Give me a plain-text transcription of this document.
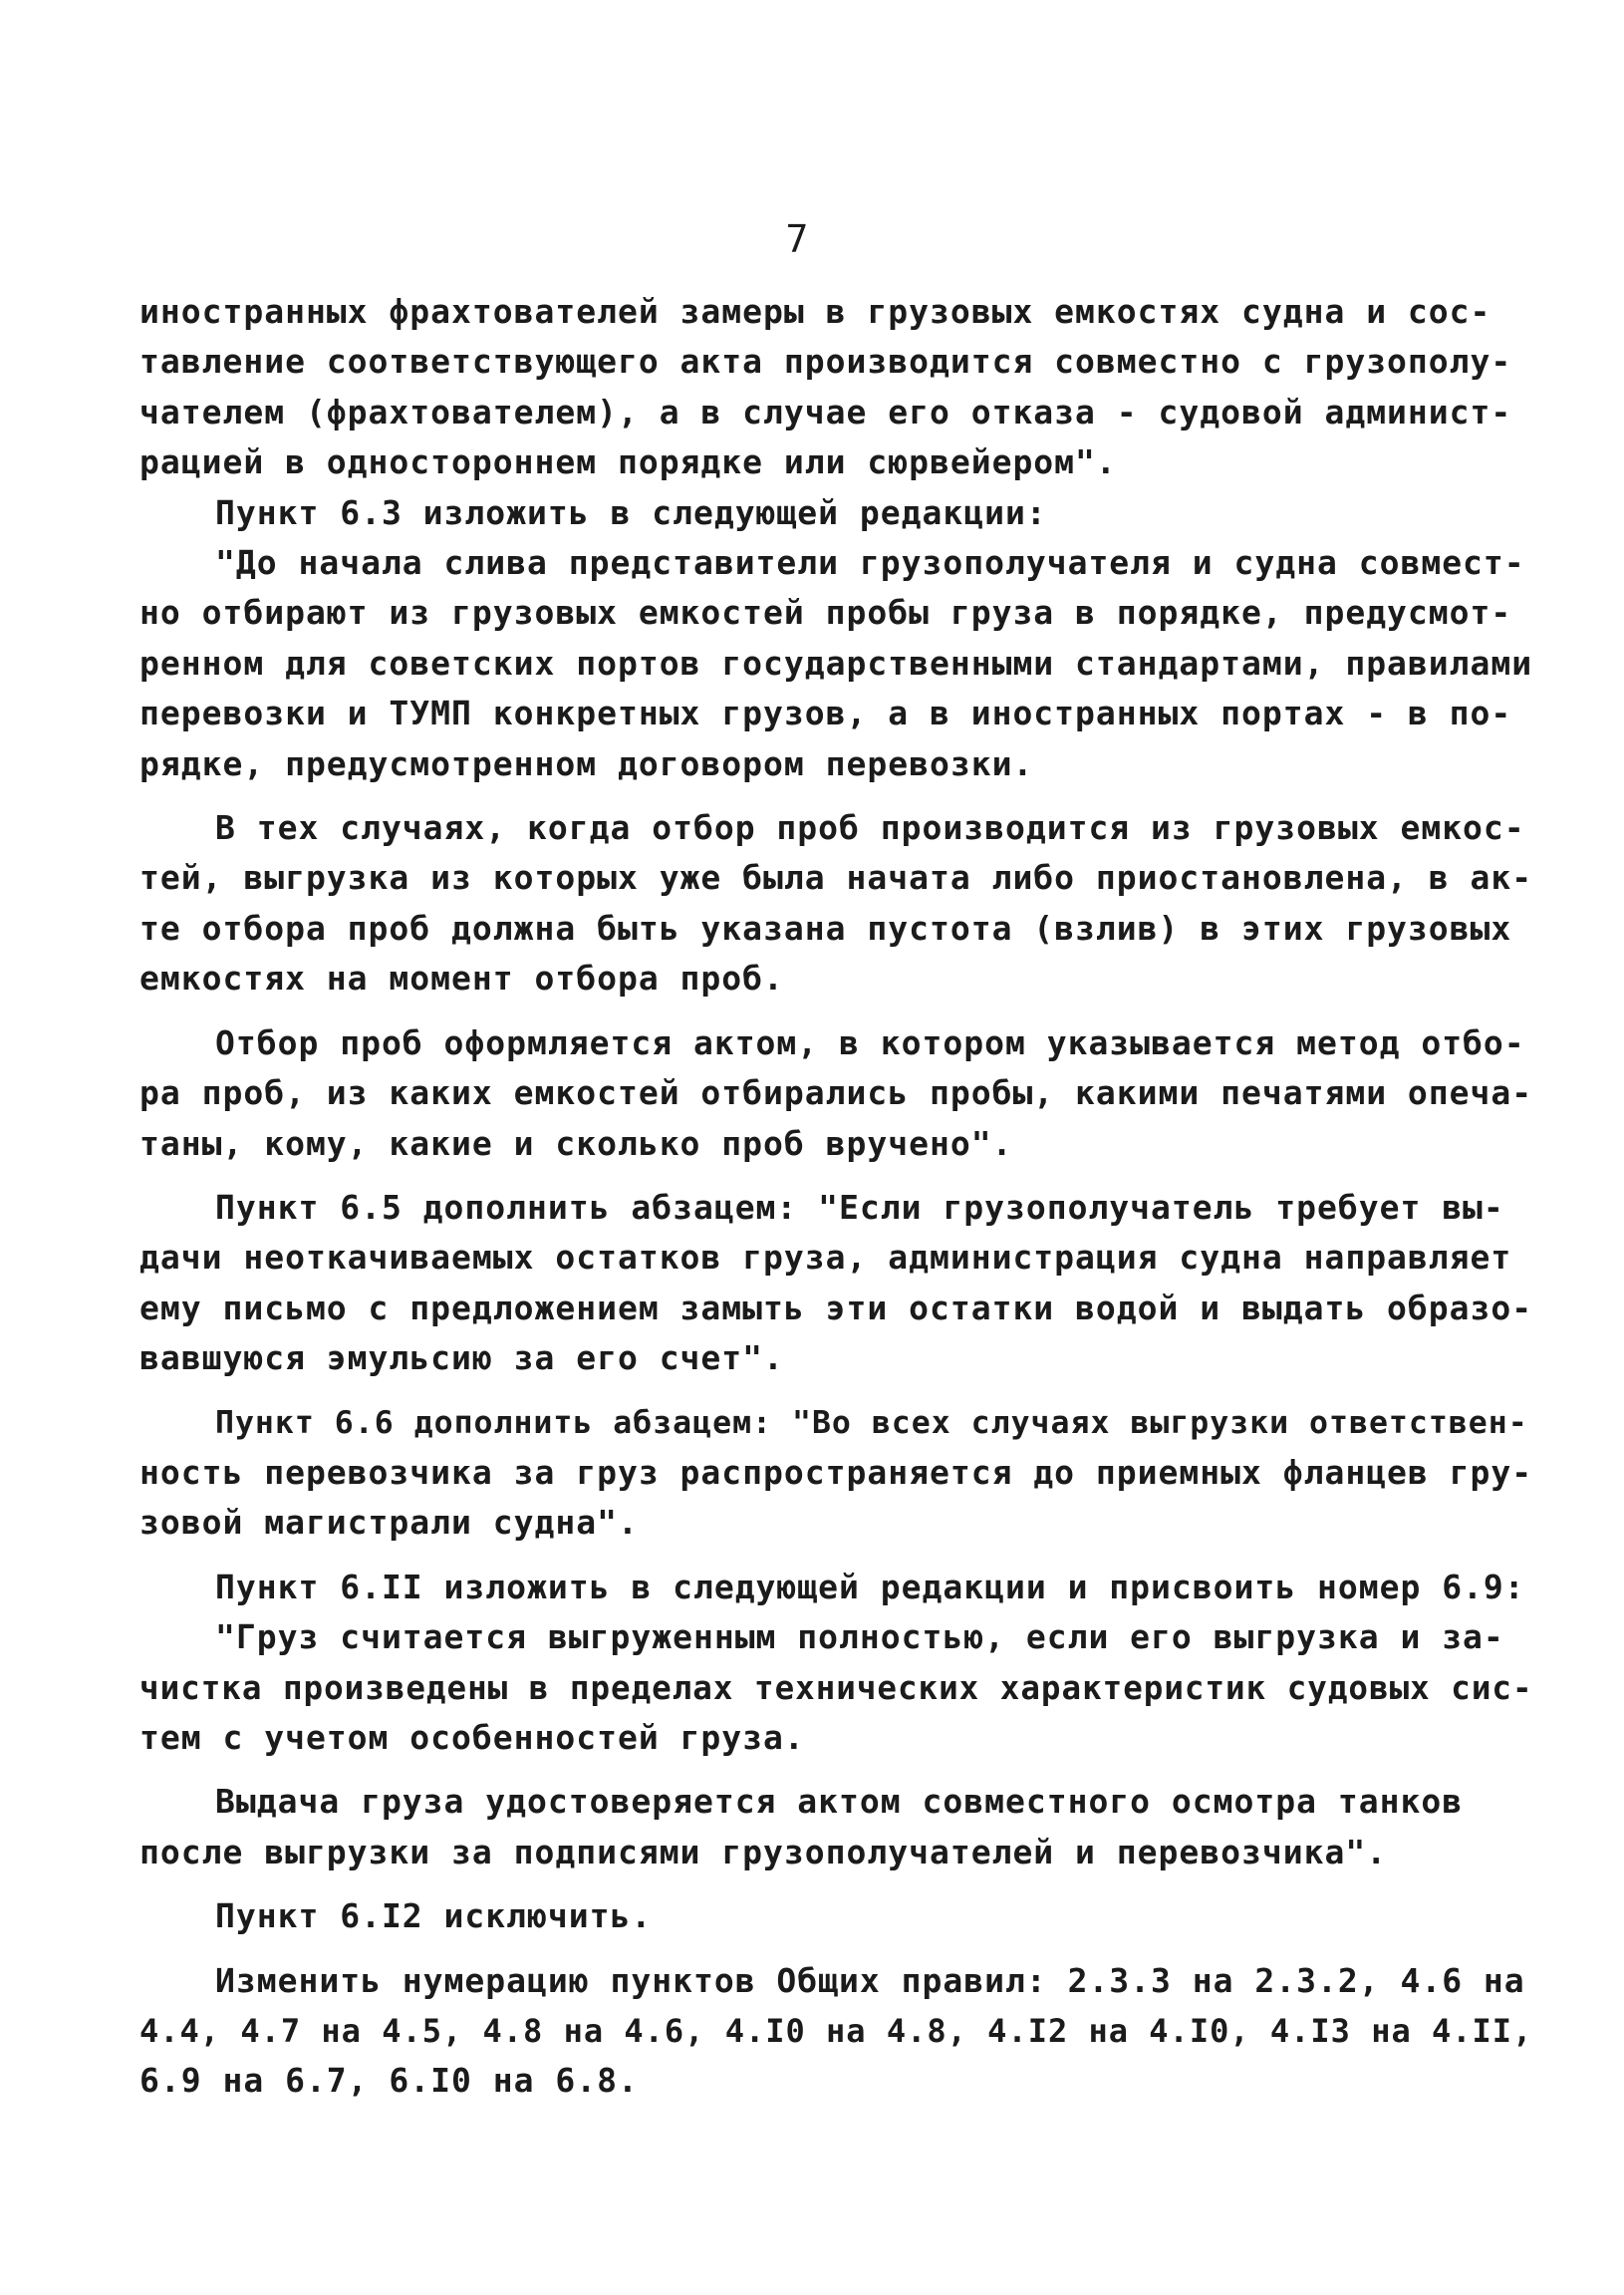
7
иностранных фрахтователей замеры в грузовых емкостях судна и сос-
тавление соответствующего акта производится совместно с грузополу-
чателем (фрахтователем), а в случае его отказа - судовой админист-
рацией в одностороннем порядке или сюрвейером".
Пункт 6.3 изложить в следующей редакции:
"До начала слива представители грузополучателя и судна совмест-
но отбирают из грузовых емкостей пробы груза в порядке, предусмот-
ренном для советских портов государственными стандартами, правилами
перевозки и ТУМП конкретных грузов, а в иностранных портах - в по-
рядке, предусмотренном договором перевозки.
В тех случаях, когда отбор проб производится из грузовых емкос-
тей, выгрузка из которых уже была начата либо приостановлена, в ак-
те отбора проб должна быть указана пустота (взлив) в этих грузовых
емкостях на момент отбора проб.
Отбор проб оформляется актом, в котором указывается метод отбо-
ра проб, из каких емкостей отбирались пробы, какими печатями опеча-
таны, кому, какие и сколько проб вручено".
Пункт 6.5 дополнить абзацем: "Если грузополучатель требует вы-
дачи неоткачиваемых остатков груза, администрация судна направляет
ему письмо с предложением замыть эти остатки водой и выдать образо-
вавшуюся эмульсию за его счет".
Пункт 6.6 дополнить абзацем: "Во всех случаях выгрузки ответствен-
ность перевозчика за груз распространяется до приемных фланцев гру-
зовой магистрали судна".
Пункт 6.II изложить в следующей редакции и присвоить номер 6.9:
"Груз считается выгруженным полностью, если его выгрузка и за-
чистка произведены в пределах технических характеристик судовых сис-
тем с учетом особенностей груза.
Выдача груза удостоверяется актом совместного осмотра танков
после выгрузки за подписями грузополучателей и перевозчика".
Пункт 6.I2 исключить.
Изменить нумерацию пунктов Общих правил: 2.3.3 на 2.3.2, 4.6 на
4.4, 4.7 на 4.5, 4.8 на 4.6, 4.I0 на 4.8, 4.I2 на 4.I0, 4.I3 на 4.II,
6.9 на 6.7, 6.I0 на 6.8.
